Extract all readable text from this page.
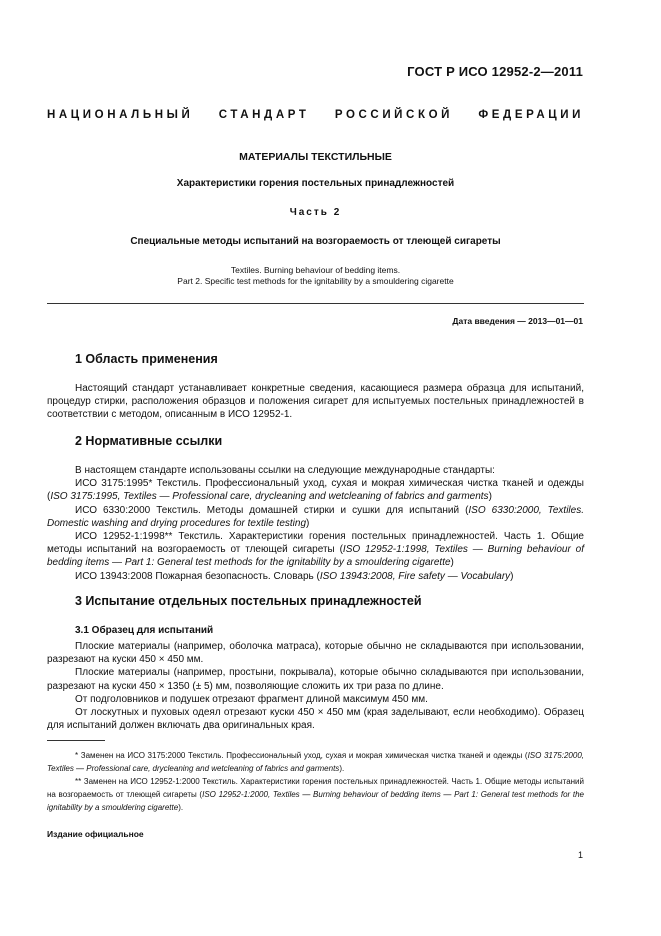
ГОСТ Р ИСО 12952-2—2011
НАЦИОНАЛЬНЫЙ СТАНДАРТ РОССИЙСКОЙ ФЕДЕРАЦИИ
МАТЕРИАЛЫ ТЕКСТИЛЬНЫЕ
Характеристики горения постельных принадлежностей
Часть 2
Специальные методы испытаний на возгораемость от тлеющей сигареты
Textiles. Burning behaviour of bedding items.
Part 2. Specific test methods for the ignitability by a smouldering cigarette
Дата введения — 2013—01—01
1 Область применения

Настоящий стандарт устанавливает конкретные сведения, касающиеся размера образца для испытаний, процедур стирки, расположения образцов и положения сигарет для испытуемых постельных принадлежностей в соответствии с методом, описанным в ИСО 12952-1.

2 Нормативные ссылки

В настоящем стандарте использованы ссылки на следующие международные стандарты:

ИСО 3175:1995* Текстиль. Профессиональный уход, сухая и мокрая химическая чистка тканей и одежды (ISO 3175:1995, Textiles — Professional care, drycleaning and wetcleaning of fabrics and garments)

ИСО 6330:2000 Текстиль. Методы домашней стирки и сушки для испытаний (ISO 6330:2000, Textiles. Domestic washing and drying procedures for textile testing)

ИСО 12952-1:1998** Текстиль. Характеристики горения постельных принадлежностей. Часть 1. Общие методы испытаний на возгораемость от тлеющей сигареты (ISO 12952-1:1998, Textiles — Burning behaviour of bedding items — Part 1: General test methods for the ignitability by a smouldering cigarette)

ИСО 13943:2008 Пожарная безопасность. Словарь (ISO 13943:2008, Fire safety — Vocabulary)

3 Испытание отдельных постельных принадлежностей
3.1 Образец для испытаний

Плоские материалы (например, оболочка матраса), которые обычно не складываются при использовании, разрезают на куски 450 × 450 мм.

Плоские материалы (например, простыни, покрывала), которые обычно складываются при использовании, разрезают на куски 450 × 1350 (± 5) мм, позволяющие сложить их три раза по длине.

От подголовников и подушек отрезают фрагмент длиной максимум 450 мм.

От лоскутных и пуховых одеял отрезают куски 450 × 450 мм (края заделывают, если необходимо). Образец для испытаний должен включать два оригинальных края.

* Заменен на ИСО 3175:2000 Текстиль. Профессиональный уход, сухая и мокрая химическая чистка тканей и одежды (ISO 3175:2000, Textiles — Professional care, drycleaning and wetcleaning of fabrics and garments).

** Заменен на ИСО 12952-1:2000 Текстиль. Характеристики горения постельных принадлежностей. Часть 1. Общие методы испытаний на возгораемость от тлеющей сигареты (ISO 12952-1:2000, Textiles — Burning behaviour of bedding items — Part 1: General test methods for the ignitability by a smouldering cigarette).

Издание официальное
1
